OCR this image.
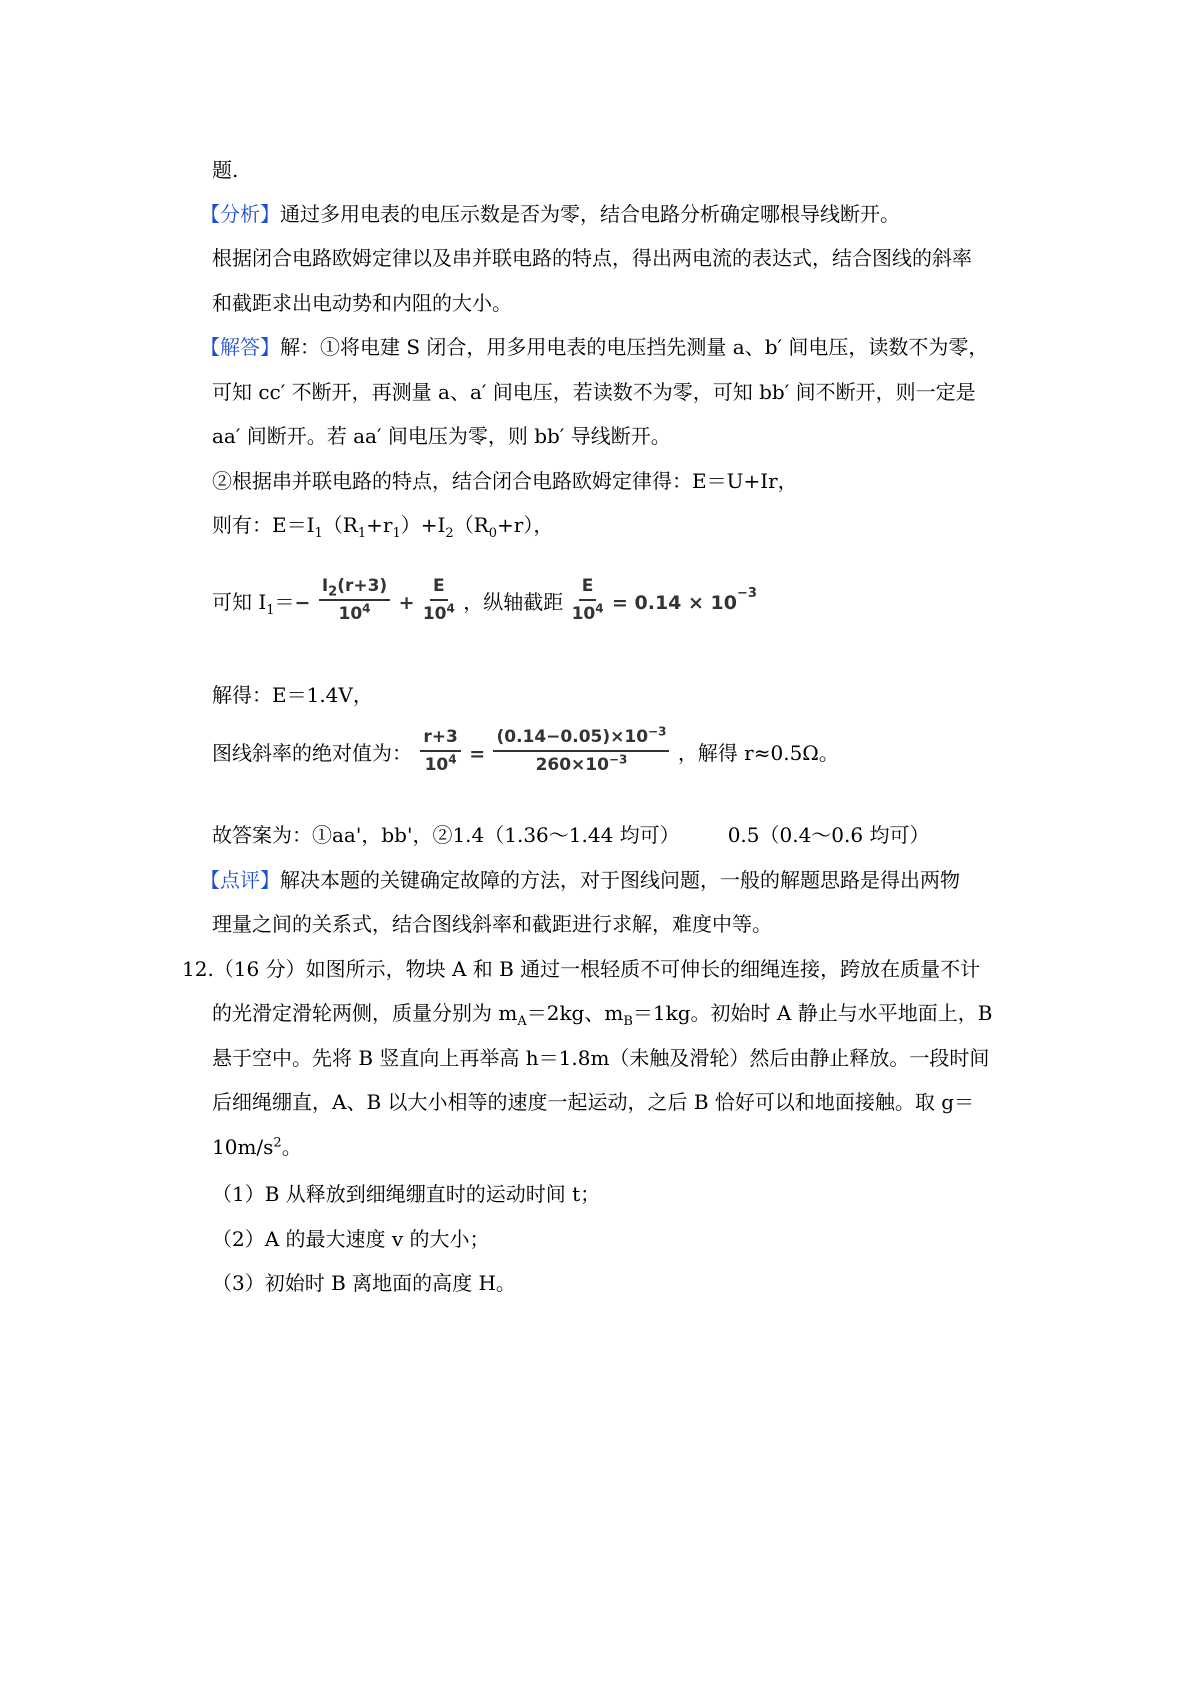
题.
【分析】通过多用电表的电压示数是否为零，结合电路分析确定哪根导线断开。
根据闭合电路欧姆定律以及串并联电路的特点，得出两电流的表达式，结合图线的斜率
和截距求出电动势和内阻的大小。
【解答】解：①将电建 S 闭合，用多用电表的电压挡先测量 a、b′ 间电压，读数不为零，
可知 cc′ 不断开，再测量 a、a′ 间电压，若读数不为零，可知 bb′ 间不断开，则一定是
aa′ 间断开。若 aa′ 间电压为零，则 bb′ 导线断开。
②根据串并联电路的特点，结合闭合电路欧姆定律得：E＝U+Ir，
则有：$E=I_1(R_1+r_1)+I_2(R_0+r)$，
可知 $I_1=- \frac{I_2(r+3)}{10^4} + \frac{E}{10^4}$ ，纵轴截距 $\frac{E}{10^4} = 0.14 \times 10^{-3}$
解得：E＝1.4V，
图线斜率的绝对值为： $\frac{r+3}{10^4} = \frac{(0.14-0.05)\times 10^{-3}}{260\times 10^{-3}}$ ，解得 r≈0.5Ω。
故答案为：①aa'，bb'，②1.4（1.36～1.44 均可） 0.5（0.4～0.6 均可）
【点评】解决本题的关键确定故障的方法，对于图线问题，一般的解题思路是得出两物
理量之间的关系式，结合图线斜率和截距进行求解，难度中等。
12.（16 分）如图所示，物块 A 和 B 通过一根轻质不可伸长的细绳连接，跨放在质量不计
的光滑定滑轮两侧，质量分别为 $m_A=2kg$、$m_B=1kg$。初始时 A 静止与水平地面上，B
悬于空中。先将 B 竖直向上再举高 h＝1.8m（未触及滑轮）然后由静止释放。一段时间
后细绳绷直，A、B 以大小相等的速度一起运动，之后 B 恰好可以和地面接触。取 g＝
$10m/s^2$。
（1）B 从释放到细绳绷直时的运动时间 t；
（2）A 的最大速度 v 的大小；
（3）初始时 B 离地面的高度 H。
